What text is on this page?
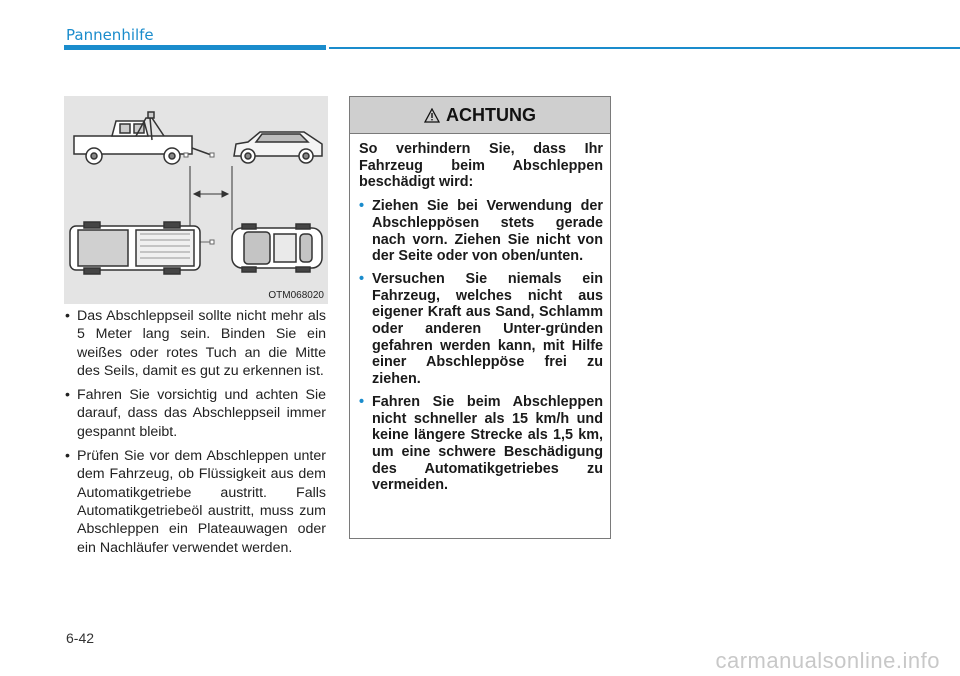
Pannenhilfe
OTM068020
• Das Abschleppseil sollte nicht mehr als 5 Meter lang sein. Binden Sie ein weißes oder rotes Tuch an die Mitte des Seils, damit es gut zu erkennen ist.
• Fahren Sie vorsichtig und achten Sie darauf, dass das Abschleppseil immer gespannt bleibt.
• Prüfen Sie vor dem Abschleppen unter dem Fahrzeug, ob Flüssigkeit aus dem Automatikgetriebe austritt. Falls Automatikgetriebeöl austritt, muss zum Abschleppen ein Plateauwagen oder ein Nachläufer verwendet werden.
ACHTUNG

So verhindern Sie, dass Ihr Fahrzeug beim Abschleppen beschädigt wird:

• Ziehen Sie bei Verwendung der Abschleppösen stets gerade nach vorn. Ziehen Sie nicht von der Seite oder von oben/unten.
• Versuchen Sie niemals ein Fahrzeug, welches nicht aus eigener Kraft aus Sand, Schlamm oder anderen Unter-gründen gefahren werden kann, mit Hilfe einer Abschleppöse frei zu ziehen.
• Fahren Sie beim Abschleppen nicht schneller als 15 km/h und keine längere Strecke als 1,5 km, um eine schwere Beschädigung des Automatikgetriebes zu vermeiden.
6-42
carmanualsonline.info
